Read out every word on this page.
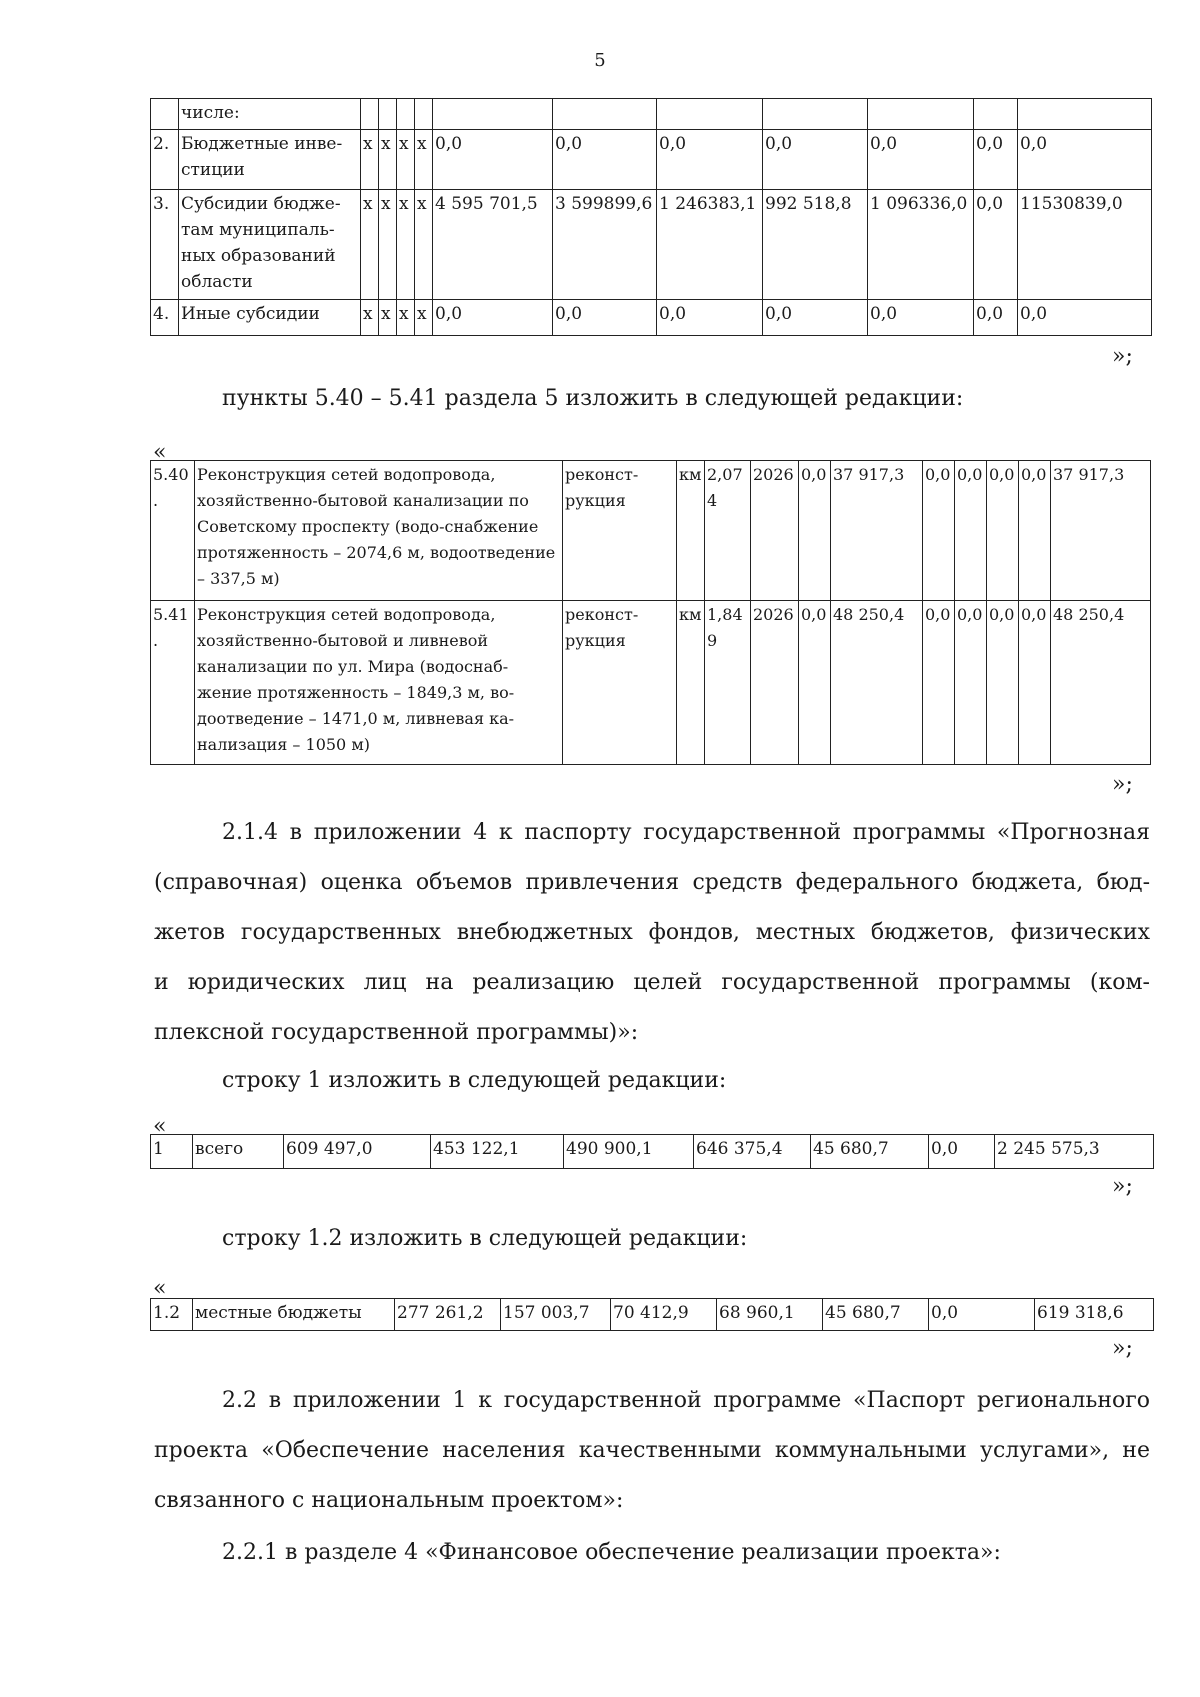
5
	числе:											
2.	Бюджетные инве-стиции	x	x	x	x	0,0	0,0	0,0	0,0	0,0	0,0	0,0
3.	Субсидии бюдже-там муниципаль-ных образований области	x	x	x	x	4 595 701,5	3 599899,6	1 246383,1	992 518,8	1 096336,0	0,0	11530839,0
4.	Иные субсидии	x	x	x	x	0,0	0,0	0,0	0,0	0,0	0,0	0,0
»;
пункты 5.40 – 5.41 раздела 5 изложить в следующей редакции:
«
5.40.	Реконструкция сетей водопровода, хозяйственно-бытовой канализации по Советскому проспекту (водо-снабжение протяженность – 2074,6 м, водоотведение – 337,5 м)	реконст-рукция	км	2,07 4	2026	0,0	37 917,3	0,0	0,0	0,0	0,0	37 917,3
5.41.	Реконструкция сетей водопровода, хозяйственно-бытовой и ливневой канализации по ул. Мира (водоснаб-жение протяженность – 1849,3 м, во-доотведение – 1471,0 м, ливневая ка-нализация – 1050 м)	реконст-рукция	км	1,84 9	2026	0,0	48 250,4	0,0	0,0	0,0	0,0	48 250,4
»;
2.1.4 в приложении 4 к паспорту государственной программы «Прогнозная
(справочная) оценка объемов привлечения средств федерального бюджета, бюд-
жетов государственных внебюджетных фондов, местных бюджетов, физических
и юридических лиц на реализацию целей государственной программы (ком-
плексной государственной программы)»:
строку 1 изложить в следующей редакции:
«
1	всего	609 497,0	453 122,1	490 900,1	646 375,4	45 680,7	0,0	2 245 575,3
»;
строку 1.2 изложить в следующей редакции:
«
1.2	местные бюджеты	277 261,2	157 003,7	70 412,9	68 960,1	45 680,7	0,0	619 318,6
»;
2.2 в приложении 1 к государственной программе «Паспорт регионального
проекта «Обеспечение населения качественными коммунальными услугами», не
связанного с национальным проектом»:
2.2.1 в разделе 4 «Финансовое обеспечение реализации проекта»:
